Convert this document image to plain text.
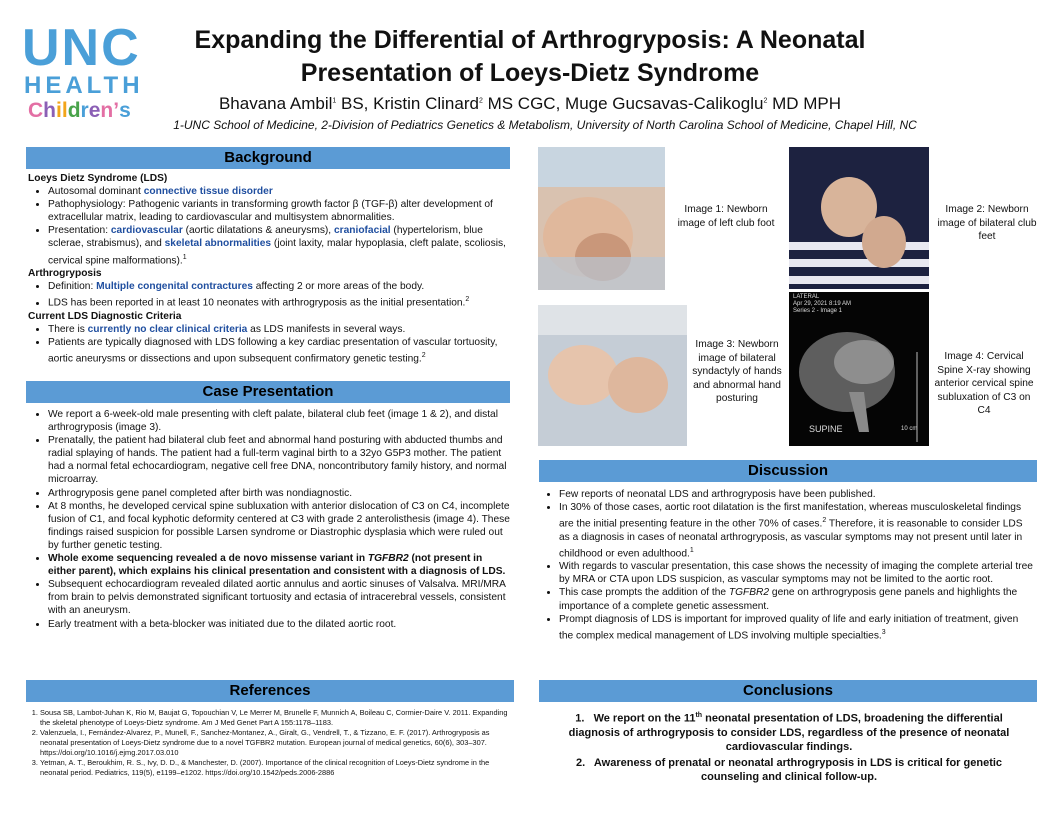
UNC
HEALTH
Children’s
Expanding the Differential of Arthrogryposis: A Neonatal Presentation of Loeys-Dietz Syndrome
Bhavana Ambil$^1$ BS, Kristin Clinard$^2$ MS CGC, Muge Gucsavas-Calikoglu$^2$ MD MPH
1-UNC School of Medicine, 2-Division of Pediatrics Genetics & Metabolism, University of North Carolina School of Medicine, Chapel Hill, NC
Background
Loeys Dietz Syndrome (LDS)
• Autosomal dominant connective tissue disorder
• Pathophysiology: Pathogenic variants in transforming growth factor β (TGF-β) alter development of extracellular matrix, leading to cardiovascular and multisystem abnormalities.
• Presentation: cardiovascular (aortic dilatations & aneurysms), craniofacial (hypertelorism, blue sclerae, strabismus), and skeletal abnormalities (joint laxity, malar hypoplasia, cleft palate, scoliosis, cervical spine malformations).$^1$
Arthrogryposis
• Definition: Multiple congenital contractures affecting 2 or more areas of the body.
• LDS has been reported in at least 10 neonates with arthrogryposis as the initial presentation.$^2$
Current LDS Diagnostic Criteria
• There is currently no clear clinical criteria as LDS manifests in several ways.
• Patients are typically diagnosed with LDS following a key cardiac presentation of vascular tortuosity, aortic aneurysms or dissections and upon subsequent confirmatory genetic testing.$^2$
Case Presentation
• We report a 6-week-old male presenting with cleft palate, bilateral club feet (image 1 & 2), and distal arthrogryposis (image 3).
• Prenatally, the patient had bilateral club feet and abnormal hand posturing with abducted thumbs and radial splaying of hands. The patient had a full-term vaginal birth to a 32yo G5P3 mother. The patient had a normal fetal echocardiogram, negative cell free DNA, noncontributory family history, and normal microarray.
• Arthrogryposis gene panel completed after birth was nondiagnostic.
• At 8 months, he developed cervical spine subluxation with anterior dislocation of C3 on C4, incomplete fusion of C1, and focal kyphotic deformity centered at C3 with grade 2 anterolisthesis (image 4). These findings raised suspicion for possible Larsen syndrome or Diastrophic dysplasia which were ruled out by further genetic testing.
• Whole exome sequencing revealed a de novo missense variant in TGFBR2 (not present in either parent), which explains his clinical presentation and consistent with a diagnosis of LDS.
• Subsequent echocardiogram revealed dilated aortic annulus and aortic sinuses of Valsalva. MRI/MRA from brain to pelvis demonstrated significant tortuosity and ectasia of intracerebral vessels, consistent with an aneurysm.
• Early treatment with a beta-blocker was initiated due to the dilated aortic root.
References
1. Sousa SB, Lambot-Juhan K, Rio M, Baujat G, Topouchian V, Le Merrer M, Brunelle F, Munnich A, Boileau C, Cormier-Daire V. 2011. Expanding the skeletal phenotype of Loeys-Dietz syndrome. Am J Med Genet Part A 155:1178–1183.
2. Valenzuela, I., Fernández-Alvarez, P., Munell, F., Sanchez-Montanez, A., Giralt, G., Vendrell, T., & Tizzano, E. F. (2017). Arthrogryposis as neonatal presentation of Loeys-Dietz syndrome due to a novel TGFBR2 mutation. European journal of medical genetics, 60(6), 303–307. https://doi.org/10.1016/j.ejmg.2017.03.010
3. Yetman, A. T., Beroukhim, R. S., Ivy, D. D., & Manchester, D. (2007). Importance of the clinical recognition of Loeys-Dietz syndrome in the neonatal period. Pediatrics, 119(5), e1199–e1202. https://doi.org/10.1542/peds.2006-2886
Image 1: Newborn image of left club foot
Image 2: Newborn image of bilateral club feet
Image 3: Newborn image of bilateral syndactyly of hands and abnormal hand posturing
LATERAL
Apr 29, 2021 8:19 AM
Series 2 - Image 1
SUPINE	10 cm
Image 4: Cervical Spine X-ray showing anterior cervical spine subluxation of C3 on C4
Discussion
• Few reports of neonatal LDS and arthrogryposis have been published.
• In 30% of those cases, aortic root dilatation is the first manifestation, whereas musculoskeletal findings are the initial presenting feature in the other 70% of cases.$^2$ Therefore, it is reasonable to consider LDS as a diagnosis in cases of neonatal arthrogryposis, as vascular symptoms may not present until later in childhood or even adulthood.$^1$
• With regards to vascular presentation, this case shows the necessity of imaging the complete arterial tree by MRA or CTA upon LDS suspicion, as vascular symptoms may not be limited to the aortic root.
• This case prompts the addition of the TGFBR2 gene on arthrogryposis gene panels and highlights the importance of a complete genetic assessment.
• Prompt diagnosis of LDS is important for improved quality of life and early initiation of treatment, given the complex medical management of LDS involving multiple specialties.$^3$
Conclusions
1. We report on the 11th neonatal presentation of LDS, broadening the differential diagnosis of arthrogryposis to consider LDS, regardless of the presence of neonatal cardiovascular findings.
2. Awareness of prenatal or neonatal arthrogryposis in LDS is critical for genetic counseling and clinical follow-up.
